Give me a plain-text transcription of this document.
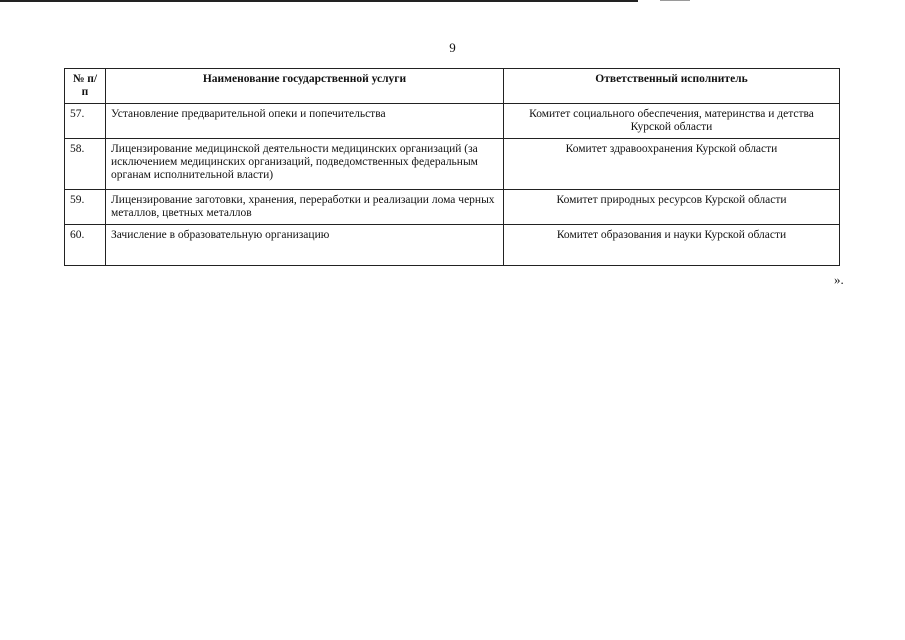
9
№ п/п	Наименование государственной услуги	Ответственный исполнитель
57.	Установление предварительной опеки и попечительства	Комитет социального обеспечения, материнства и детства Курской области
58.	Лицензирование медицинской деятельности медицинских организаций (за исключением медицинских организаций, подведомственных федеральным органам исполнительной власти)	Комитет здравоохранения Курской области
59.	Лицензирование заготовки, хранения, переработки и реализации лома черных металлов, цветных металлов	Комитет природных ресурсов Курской области
60.	Зачисление в образовательную организацию	Комитет образования и науки Курской области
».
